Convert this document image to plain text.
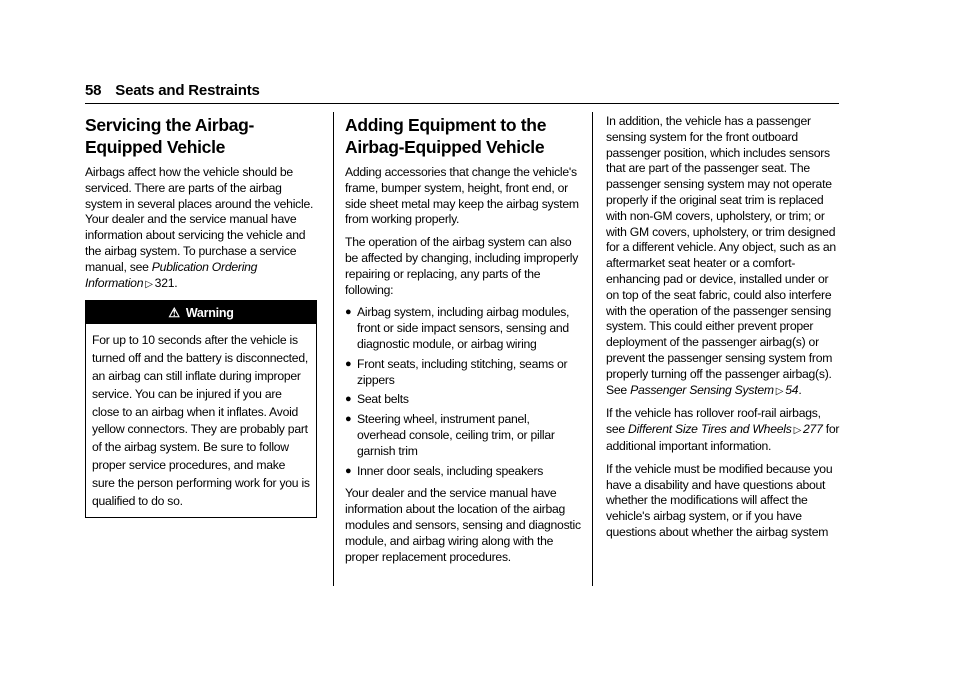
58 Seats and Restraints
Servicing the Airbag-Equipped Vehicle

Airbags affect how the vehicle should be serviced. There are parts of the airbag system in several places around the vehicle. Your dealer and the service manual have information about servicing the vehicle and the airbag system. To purchase a service manual, see Publication Ordering Information ▷ 321.

⚠ Warning
For up to 10 seconds after the vehicle is turned off and the battery is disconnected, an airbag can still inflate during improper service. You can be injured if you are close to an airbag when it inflates. Avoid yellow connectors. They are probably part of the airbag system. Be sure to follow proper service procedures, and make sure the person performing work for you is qualified to do so.
Adding Equipment to the Airbag-Equipped Vehicle

Adding accessories that change the vehicle's frame, bumper system, height, front end, or side sheet metal may keep the airbag system from working properly.

The operation of the airbag system can also be affected by changing, including improperly repairing or replacing, any parts of the following:

● Airbag system, including airbag modules, front or side impact sensors, sensing and diagnostic module, or airbag wiring
● Front seats, including stitching, seams or zippers
● Seat belts
● Steering wheel, instrument panel, overhead console, ceiling trim, or pillar garnish trim
● Inner door seals, including speakers

Your dealer and the service manual have information about the location of the airbag modules and sensors, sensing and diagnostic module, and airbag wiring along with the proper replacement procedures.

In addition, the vehicle has a passenger sensing system for the front outboard passenger position, which includes sensors that are part of the passenger seat. The passenger sensing system may not operate properly if the original seat trim is replaced with non-GM covers, upholstery, or trim; or with GM covers, upholstery, or trim designed for a different vehicle. Any object, such as an aftermarket seat heater or a comfort-enhancing pad or device, installed under or on top of the seat fabric, could also interfere with the operation of the passenger sensing system. This could either prevent proper deployment of the passenger airbag(s) or prevent the passenger sensing system from properly turning off the passenger airbag(s). See Passenger Sensing System ▷ 54.

If the vehicle has rollover roof-rail airbags, see Different Size Tires and Wheels ▷ 277 for additional important information.

If the vehicle must be modified because you have a disability and have questions about whether the modifications will affect the vehicle's airbag system, or if you have questions about whether the airbag system
